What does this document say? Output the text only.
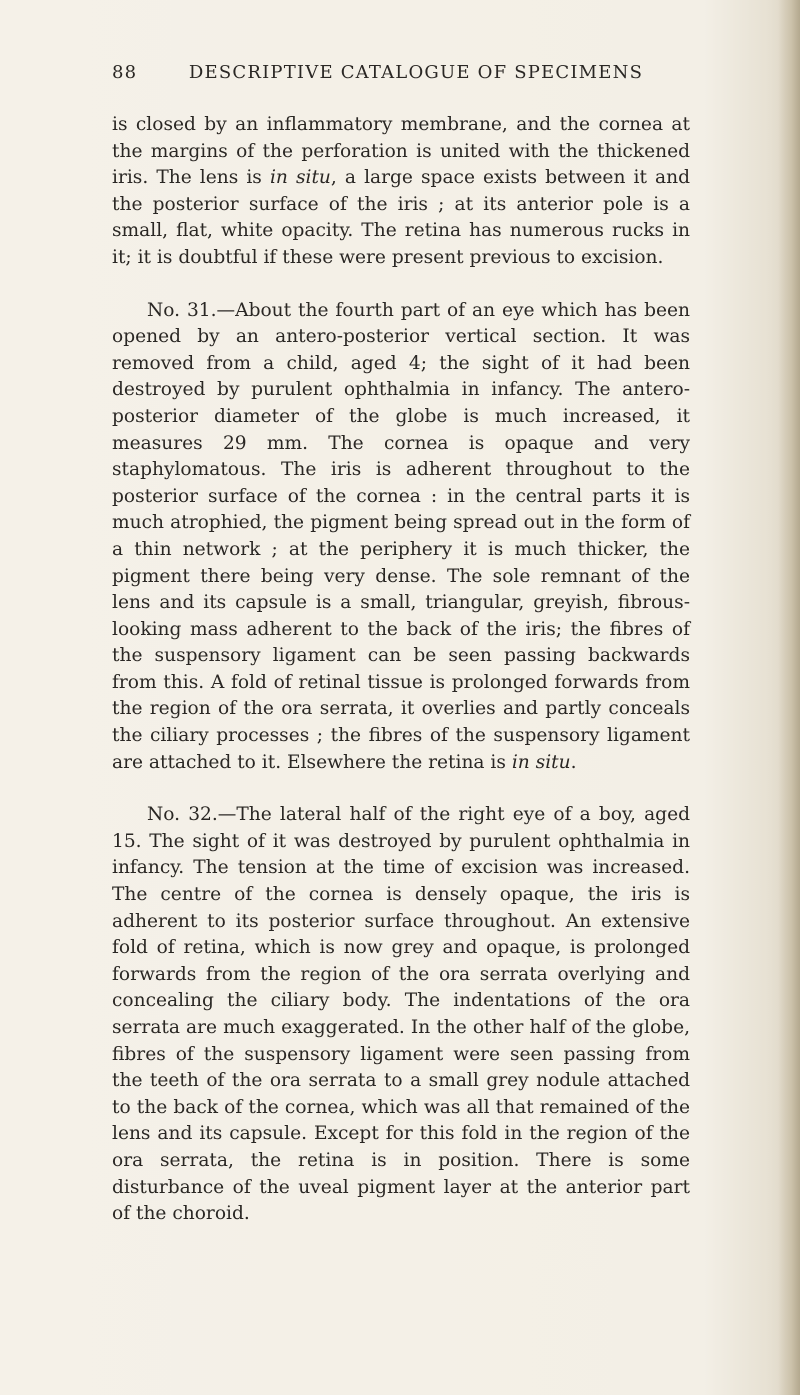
88	DESCRIPTIVE CATALOGUE OF SPECIMENS

is closed by an inflammatory membrane, and the cornea at the margins of the perforation is united with the thickened iris. The lens is in situ, a large space exists between it and the posterior surface of the iris ; at its anterior pole is a small, flat, white opacity. The retina has numerous rucks in it; it is doubtful if these were present previous to excision.

No. 31.—About the fourth part of an eye which has been opened by an antero-posterior vertical section. It was removed from a child, aged 4; the sight of it had been destroyed by purulent ophthalmia in infancy. The antero-posterior diameter of the globe is much increased, it measures 29 mm. The cornea is opaque and very staphylomatous. The iris is adherent throughout to the posterior surface of the cornea : in the central parts it is much atrophied, the pigment being spread out in the form of a thin network ; at the periphery it is much thicker, the pigment there being very dense. The sole remnant of the lens and its capsule is a small, triangular, greyish, fibrous-looking mass adherent to the back of the iris; the fibres of the suspensory ligament can be seen passing backwards from this. A fold of retinal tissue is prolonged forwards from the region of the ora serrata, it overlies and partly conceals the ciliary processes ; the fibres of the suspensory ligament are attached to it. Elsewhere the retina is in situ.

No. 32.—The lateral half of the right eye of a boy, aged 15. The sight of it was destroyed by purulent ophthalmia in infancy. The tension at the time of excision was increased. The centre of the cornea is densely opaque, the iris is adherent to its posterior surface throughout. An extensive fold of retina, which is now grey and opaque, is prolonged forwards from the region of the ora serrata overlying and concealing the ciliary body. The indentations of the ora serrata are much exaggerated. In the other half of the globe, fibres of the suspensory ligament were seen passing from the teeth of the ora serrata to a small grey nodule attached to the back of the cornea, which was all that remained of the lens and its capsule. Except for this fold in the region of the ora serrata, the retina is in position. There is some disturbance of the uveal pigment layer at the anterior part of the choroid.
